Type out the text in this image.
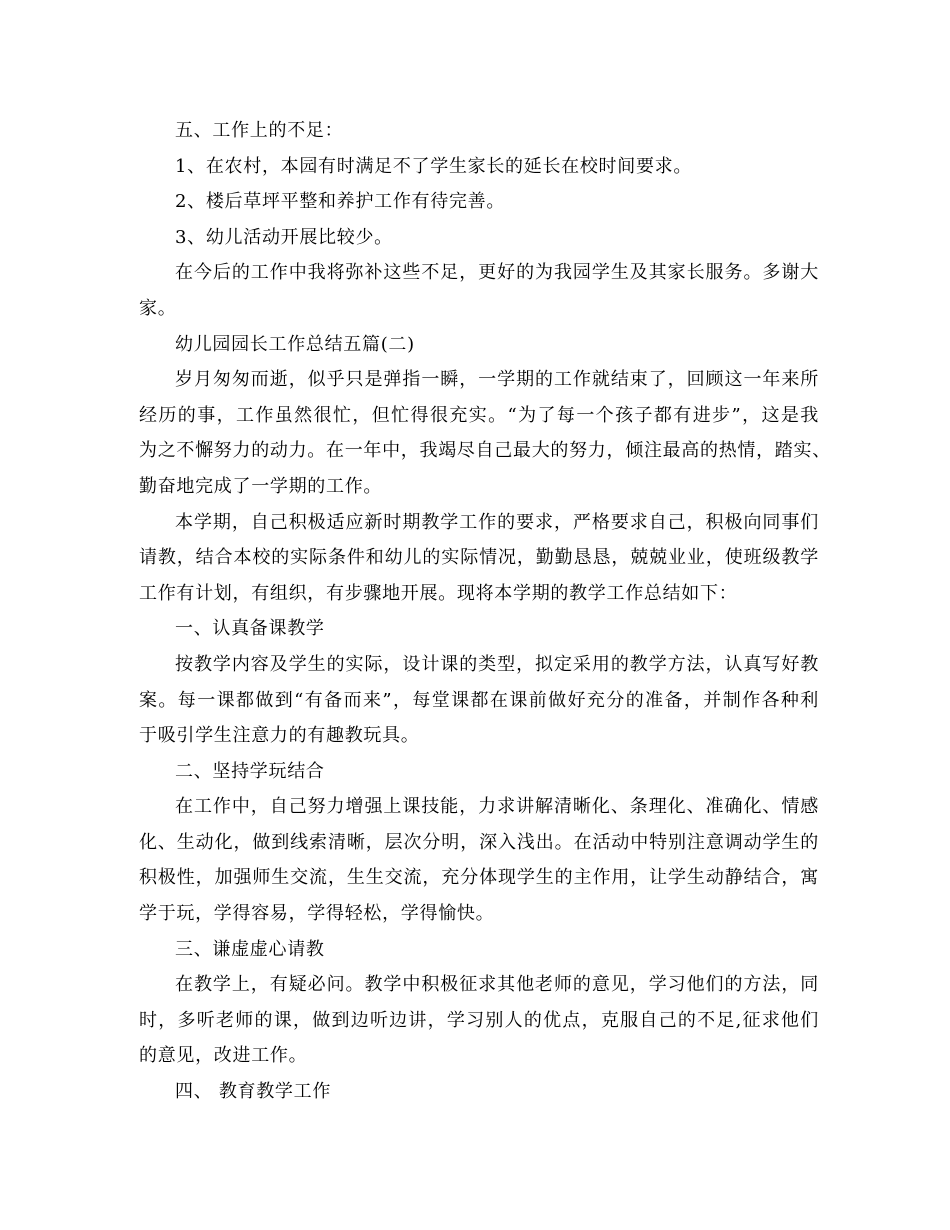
五、工作上的不足：

1、在农村，本园有时满足不了学生家长的延长在校时间要求。

2、楼后草坪平整和养护工作有待完善。

3、幼儿活动开展比较少。

在今后的工作中我将弥补这些不足，更好的为我园学生及其家长服务。多谢大

家。

幼儿园园长工作总结五篇(二)

岁月匆匆而逝，似乎只是弹指一瞬，一学期的工作就结束了，回顾这一年来所

经历的事，工作虽然很忙，但忙得很充实。“为了每一个孩子都有进步”，这是我

为之不懈努力的动力。在一年中，我竭尽自己最大的努力，倾注最高的热情，踏实、

勤奋地完成了一学期的工作。

本学期，自己积极适应新时期教学工作的要求，严格要求自己，积极向同事们

请教，结合本校的实际条件和幼儿的实际情况，勤勤恳恳，兢兢业业，使班级教学

工作有计划，有组织，有步骤地开展。现将本学期的教学工作总结如下：

一、认真备课教学

按教学内容及学生的实际，设计课的类型，拟定采用的教学方法，认真写好教

案。每一课都做到“有备而来”，每堂课都在课前做好充分的准备，并制作各种利

于吸引学生注意力的有趣教玩具。

二、坚持学玩结合

在工作中，自己努力增强上课技能，力求讲解清晰化、条理化、准确化、情感

化、生动化，做到线索清晰，层次分明，深入浅出。在活动中特别注意调动学生的

积极性，加强师生交流，生生交流，充分体现学生的主作用，让学生动静结合，寓

学于玩，学得容易，学得轻松，学得愉快。

三、谦虚虚心请教

在教学上，有疑必问。教学中积极征求其他老师的意见，学习他们的方法，同

时，多听老师的课，做到边听边讲，学习别人的优点，克服自己的不足,征求他们

的意见，改进工作。

四、 教育教学工作
